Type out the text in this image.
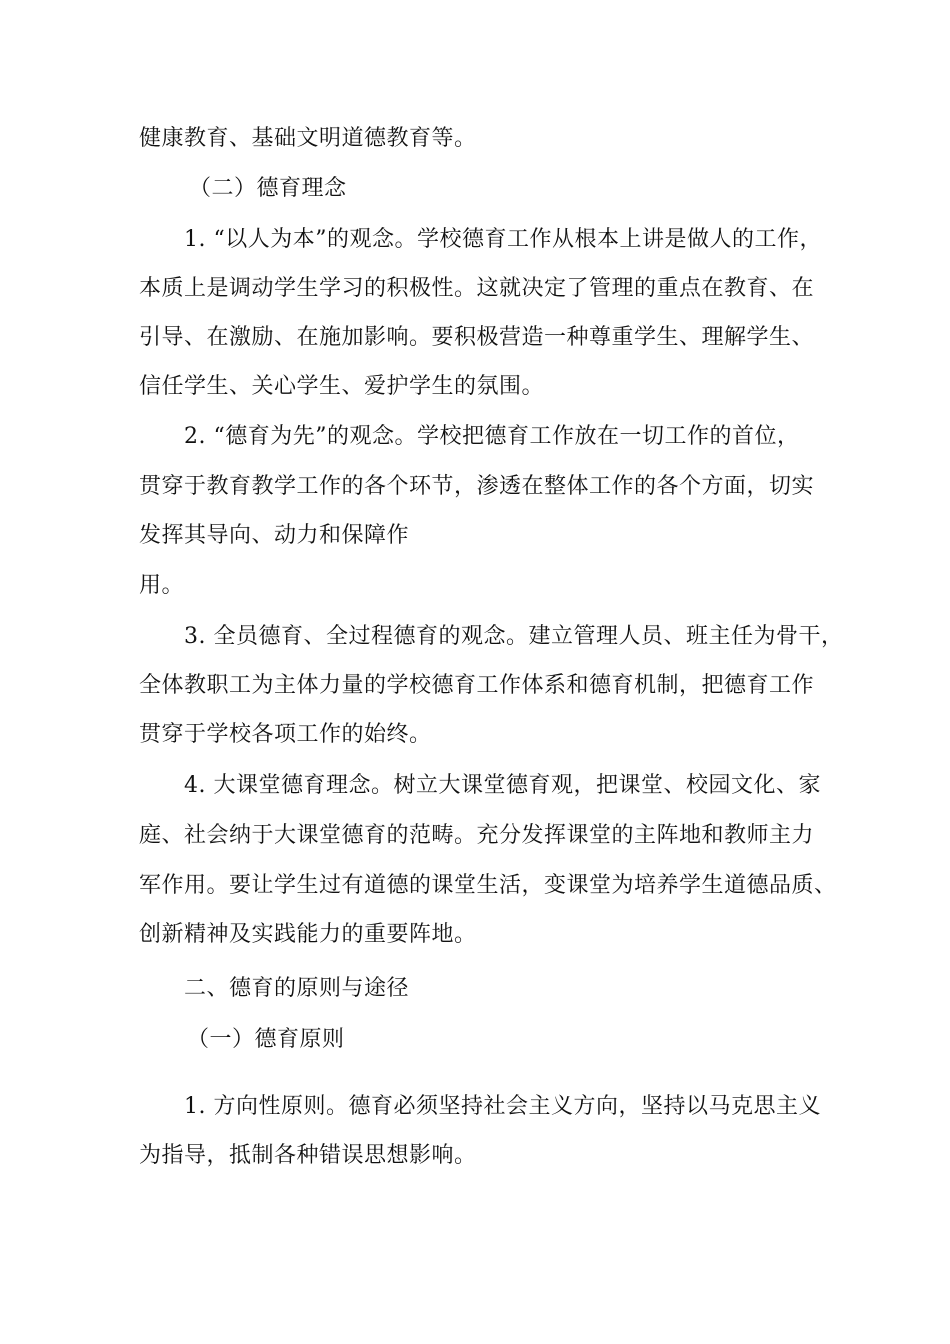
健康教育、基础文明道德教育等。
（二）德育理念
1. “以人为本”的观念。学校德育工作从根本上讲是做人的工作，
本质上是调动学生学习的积极性。这就决定了管理的重点在教育、在
引导、在激励、在施加影响。要积极营造一种尊重学生、理解学生、
信任学生、关心学生、爱护学生的氛围。
2. “德育为先”的观念。学校把德育工作放在一切工作的首位，
贯穿于教育教学工作的各个环节，渗透在整体工作的各个方面，切实
发挥其导向、动力和保障作
用。
3. 全员德育、全过程德育的观念。建立管理人员、班主任为骨干，
全体教职工为主体力量的学校德育工作体系和德育机制，把德育工作
贯穿于学校各项工作的始终。
4. 大课堂德育理念。树立大课堂德育观，把课堂、校园文化、家
庭、社会纳于大课堂德育的范畴。充分发挥课堂的主阵地和教师主力
军作用。要让学生过有道德的课堂生活，变课堂为培养学生道德品质、
创新精神及实践能力的重要阵地。
二、德育的原则与途径
（一）德育原则
1. 方向性原则。德育必须坚持社会主义方向，坚持以马克思主义
为指导，抵制各种错误思想影响。
